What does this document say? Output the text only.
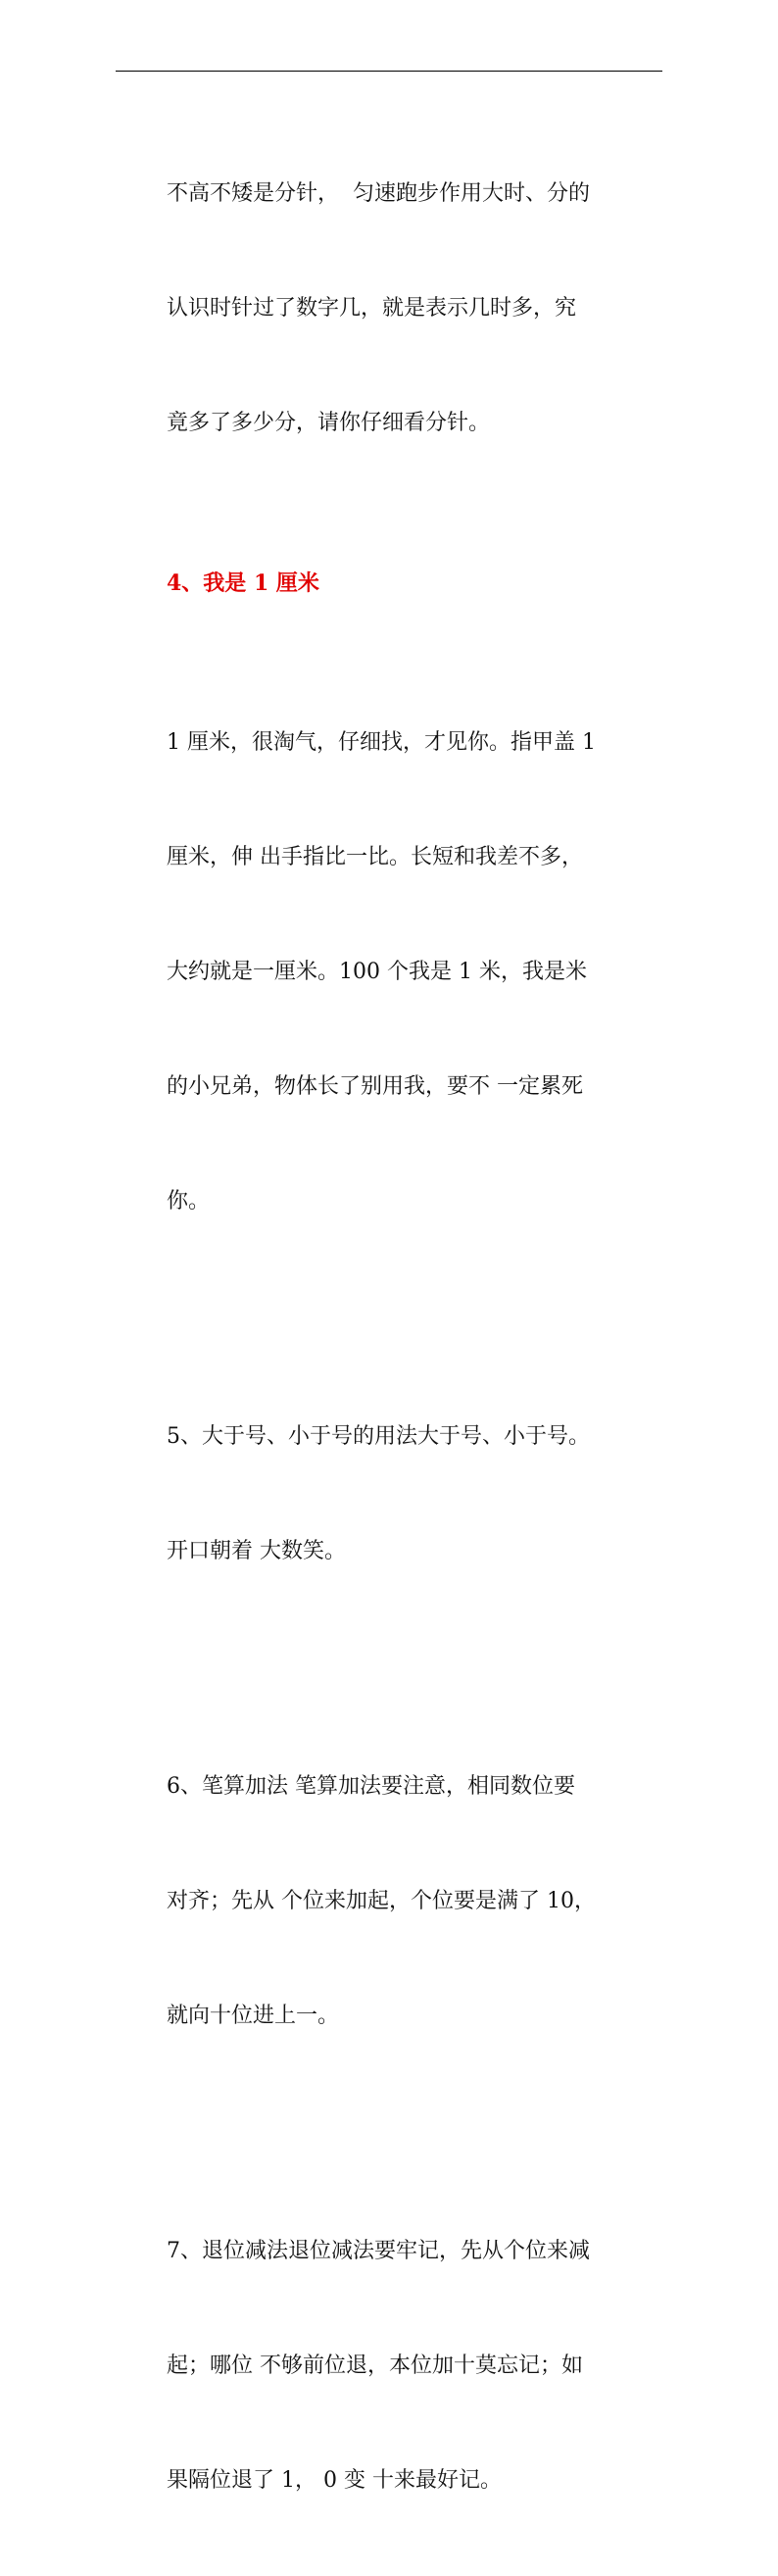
不高不矮是分针，  匀速跑步作用大时、分的

认识时针过了数字几，就是表示几时多，究

竟多了多少分，请你仔细看分针。

4、我是 1 厘米

1 厘米，很淘气，仔细找，才见你。指甲盖 1

厘米，伸 出手指比一比。长短和我差不多，

大约就是一厘米。100 个我是 1 米，我是米

的小兄弟，物体长了别用我，要不 一定累死

你。

5、大于号、小于号的用法大于号、小于号。

开口朝着 大数笑。

6、笔算加法 笔算加法要注意，相同数位要

对齐；先从 个位来加起，个位要是满了 10，

就向十位进上一。

7、退位减法退位减法要牢记，先从个位来减

起；哪位 不够前位退，本位加十莫忘记；如

果隔位退了 1， 0 变 十来最好记。
